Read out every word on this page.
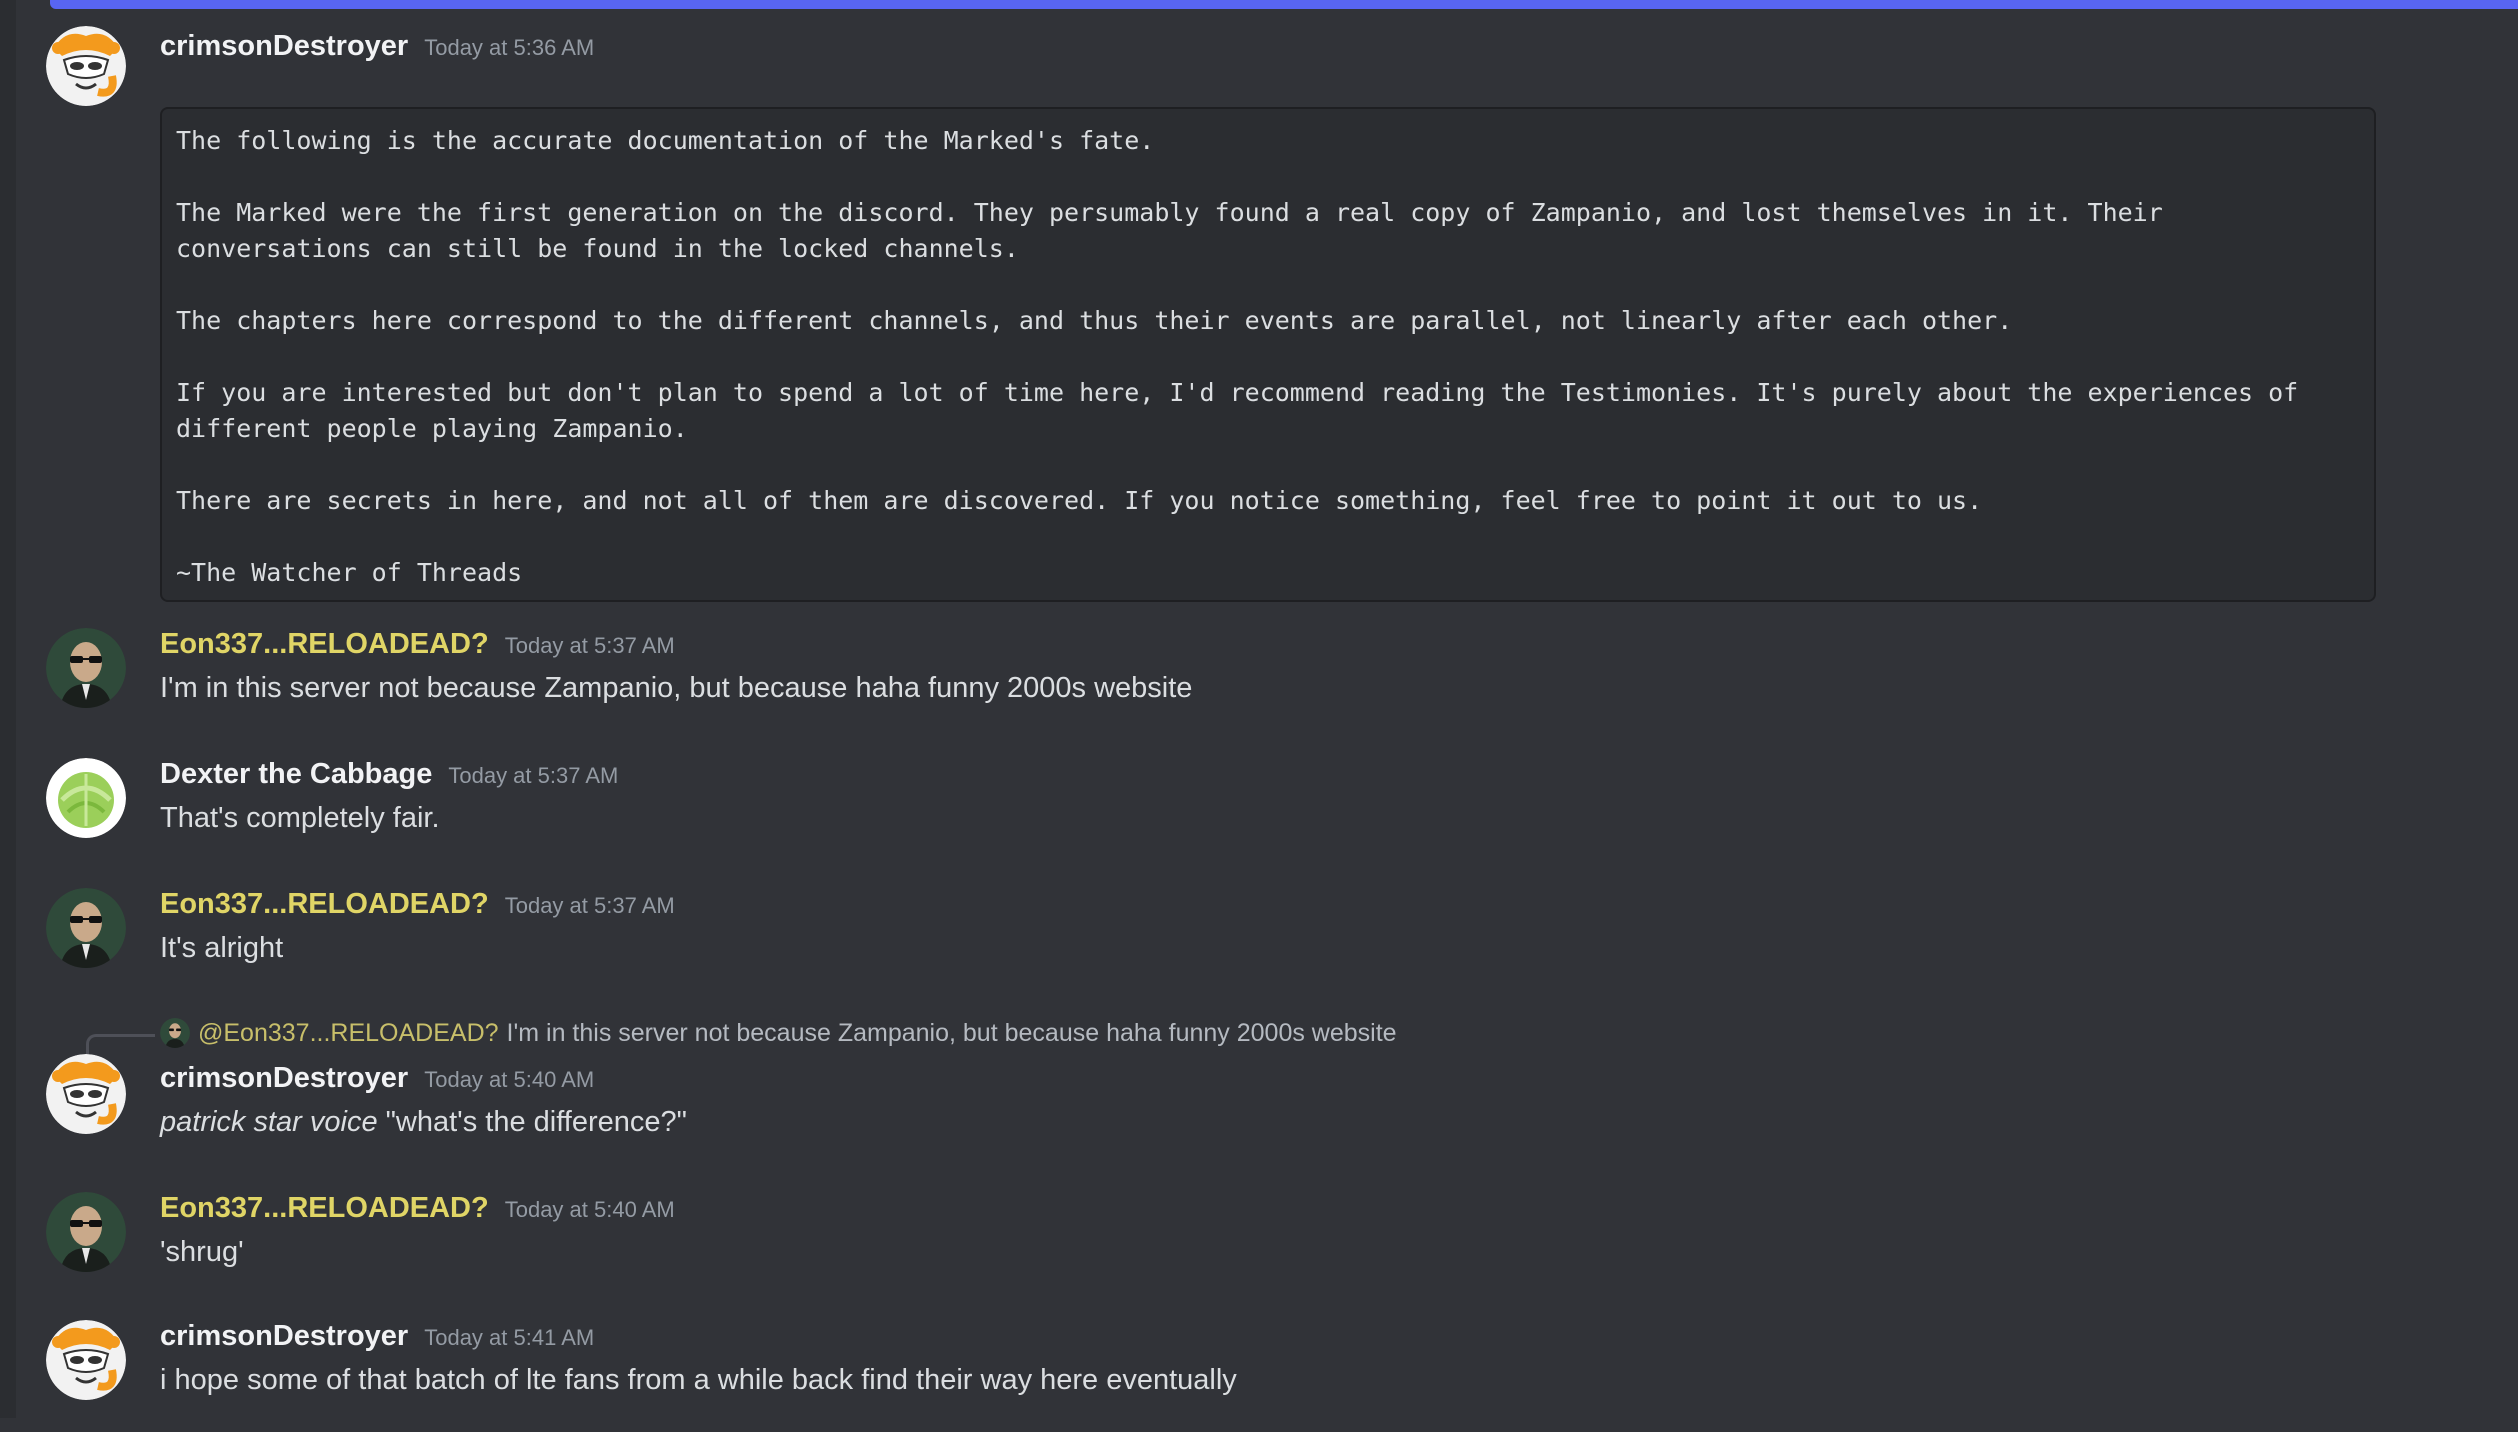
crimsonDestroyer Today at 5:36 AM

The following is the accurate documentation of the Marked's fate.

The Marked were the first generation on the discord. They persumably found a real copy of Zampanio, and lost themselves in it. Their conversations can still be found in the locked channels.

The chapters here correspond to the different channels, and thus their events are parallel, not linearly after each other.

If you are interested but don't plan to spend a lot of time here, I'd recommend reading the Testimonies. It's purely about the experiences of different people playing Zampanio.

There are secrets in here, and not all of them are discovered. If you notice something, feel free to point it out to us.

~The Watcher of Threads

Eon337...RELOADEAD? Today at 5:37 AM
I'm in this server not because Zampanio, but because haha funny 2000s website
Dexter the Cabbage Today at 5:37 AM
That's completely fair.
Eon337...RELOADEAD? Today at 5:37 AM
It's alright
@Eon337...RELOADEAD? I'm in this server not because Zampanio, but because haha funny 2000s website
crimsonDestroyer Today at 5:40 AM
patrick star voice "what's the difference?"
Eon337...RELOADEAD? Today at 5:40 AM
'shrug'
crimsonDestroyer Today at 5:41 AM
i hope some of that batch of lte fans from a while back find their way here eventually
